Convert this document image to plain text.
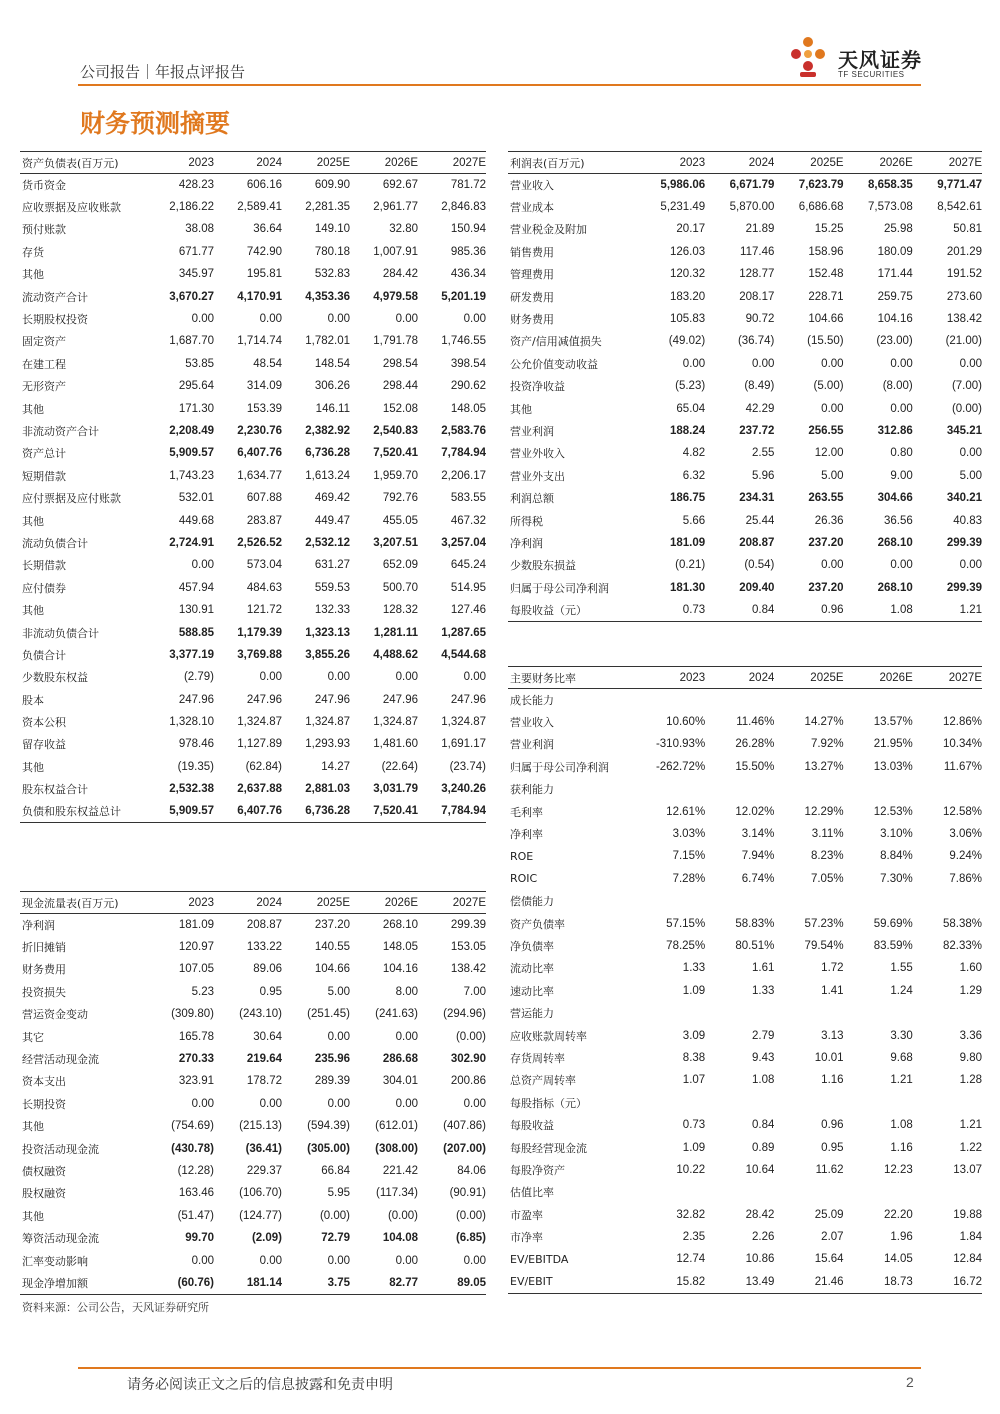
公司报告｜年报点评报告	天风证券
TF SECURITIES
财务预测摘要
资产负债表(百万元)	2023	2024	2025E	2026E	2027E
货币资金	428.23	606.16	609.90	692.67	781.72
应收票据及应收账款	2,186.22	2,589.41	2,281.35	2,961.77	2,846.83
预付账款	38.08	36.64	149.10	32.80	150.94
存货	671.77	742.90	780.18	1,007.91	985.36
其他	345.97	195.81	532.83	284.42	436.34
流动资产合计	3,670.27	4,170.91	4,353.36	4,979.58	5,201.19
长期股权投资	0.00	0.00	0.00	0.00	0.00
固定资产	1,687.70	1,714.74	1,782.01	1,791.78	1,746.55
在建工程	53.85	48.54	148.54	298.54	398.54
无形资产	295.64	314.09	306.26	298.44	290.62
其他	171.30	153.39	146.11	152.08	148.05
非流动资产合计	2,208.49	2,230.76	2,382.92	2,540.83	2,583.76
资产总计	5,909.57	6,407.76	6,736.28	7,520.41	7,784.94
短期借款	1,743.23	1,634.77	1,613.24	1,959.70	2,206.17
应付票据及应付账款	532.01	607.88	469.42	792.76	583.55
其他	449.68	283.87	449.47	455.05	467.32
流动负债合计	2,724.91	2,526.52	2,532.12	3,207.51	3,257.04
长期借款	0.00	573.04	631.27	652.09	645.24
应付债券	457.94	484.63	559.53	500.70	514.95
其他	130.91	121.72	132.33	128.32	127.46
非流动负债合计	588.85	1,179.39	1,323.13	1,281.11	1,287.65
负债合计	3,377.19	3,769.88	3,855.26	4,488.62	4,544.68
少数股东权益	(2.79)	0.00	0.00	0.00	0.00
股本	247.96	247.96	247.96	247.96	247.96
资本公积	1,328.10	1,324.87	1,324.87	1,324.87	1,324.87
留存收益	978.46	1,127.89	1,293.93	1,481.60	1,691.17
其他	(19.35)	(62.84)	14.27	(22.64)	(23.74)
股东权益合计	2,532.38	2,637.88	2,881.03	3,031.79	3,240.26
负债和股东权益总计	5,909.57	6,407.76	6,736.28	7,520.41	7,784.94
利润表(百万元)	2023	2024	2025E	2026E	2027E
营业收入	5,986.06	6,671.79	7,623.79	8,658.35	9,771.47
营业成本	5,231.49	5,870.00	6,686.68	7,573.08	8,542.61
营业税金及附加	20.17	21.89	15.25	25.98	50.81
销售费用	126.03	117.46	158.96	180.09	201.29
管理费用	120.32	128.77	152.48	171.44	191.52
研发费用	183.20	208.17	228.71	259.75	273.60
财务费用	105.83	90.72	104.66	104.16	138.42
资产/信用减值损失	(49.02)	(36.74)	(15.50)	(23.00)	(21.00)
公允价值变动收益	0.00	0.00	0.00	0.00	0.00
投资净收益	(5.23)	(8.49)	(5.00)	(8.00)	(7.00)
其他	65.04	42.29	0.00	0.00	(0.00)
营业利润	188.24	237.72	256.55	312.86	345.21
营业外收入	4.82	2.55	12.00	0.80	0.00
营业外支出	6.32	5.96	5.00	9.00	5.00
利润总额	186.75	234.31	263.55	304.66	340.21
所得税	5.66	25.44	26.36	36.56	40.83
净利润	181.09	208.87	237.20	268.10	299.39
少数股东损益	(0.21)	(0.54)	0.00	0.00	0.00
归属于母公司净利润	181.30	209.40	237.20	268.10	299.39
每股收益（元）	0.73	0.84	0.96	1.08	1.21
主要财务比率	2023	2024	2025E	2026E	2027E
成长能力					
营业收入	10.60%	11.46%	14.27%	13.57%	12.86%
营业利润	-310.93%	26.28%	7.92%	21.95%	10.34%
归属于母公司净利润	-262.72%	15.50%	13.27%	13.03%	11.67%
获利能力					
毛利率	12.61%	12.02%	12.29%	12.53%	12.58%
净利率	3.03%	3.14%	3.11%	3.10%	3.06%
ROE	7.15%	7.94%	8.23%	8.84%	9.24%
ROIC	7.28%	6.74%	7.05%	7.30%	7.86%
偿债能力					
资产负债率	57.15%	58.83%	57.23%	59.69%	58.38%
净负债率	78.25%	80.51%	79.54%	83.59%	82.33%
流动比率	1.33	1.61	1.72	1.55	1.60
速动比率	1.09	1.33	1.41	1.24	1.29
营运能力					
应收账款周转率	3.09	2.79	3.13	3.30	3.36
存货周转率	8.38	9.43	10.01	9.68	9.80
总资产周转率	1.07	1.08	1.16	1.21	1.28
每股指标（元）					
每股收益	0.73	0.84	0.96	1.08	1.21
每股经营现金流	1.09	0.89	0.95	1.16	1.22
每股净资产	10.22	10.64	11.62	12.23	13.07
估值比率					
市盈率	32.82	28.42	25.09	22.20	19.88
市净率	2.35	2.26	2.07	1.96	1.84
EV/EBITDA	12.74	10.86	15.64	14.05	12.84
EV/EBIT	15.82	13.49	21.46	18.73	16.72
现金流量表(百万元)	2023	2024	2025E	2026E	2027E
净利润	181.09	208.87	237.20	268.10	299.39
折旧摊销	120.97	133.22	140.55	148.05	153.05
财务费用	107.05	89.06	104.66	104.16	138.42
投资损失	5.23	0.95	5.00	8.00	7.00
营运资金变动	(309.80)	(243.10)	(251.45)	(241.63)	(294.96)
其它	165.78	30.64	0.00	0.00	(0.00)
经营活动现金流	270.33	219.64	235.96	286.68	302.90
资本支出	323.91	178.72	289.39	304.01	200.86
长期投资	0.00	0.00	0.00	0.00	0.00
其他	(754.69)	(215.13)	(594.39)	(612.01)	(407.86)
投资活动现金流	(430.78)	(36.41)	(305.00)	(308.00)	(207.00)
债权融资	(12.28)	229.37	66.84	221.42	84.06
股权融资	163.46	(106.70)	5.95	(117.34)	(90.91)
其他	(51.47)	(124.77)	(0.00)	(0.00)	(0.00)
筹资活动现金流	99.70	(2.09)	72.79	104.08	(6.85)
汇率变动影响	0.00	0.00	0.00	0.00	0.00
现金净增加额	(60.76)	181.14	3.75	82.77	89.05
资料来源：公司公告，天风证券研究所
请务必阅读正文之后的信息披露和免责申明	2
